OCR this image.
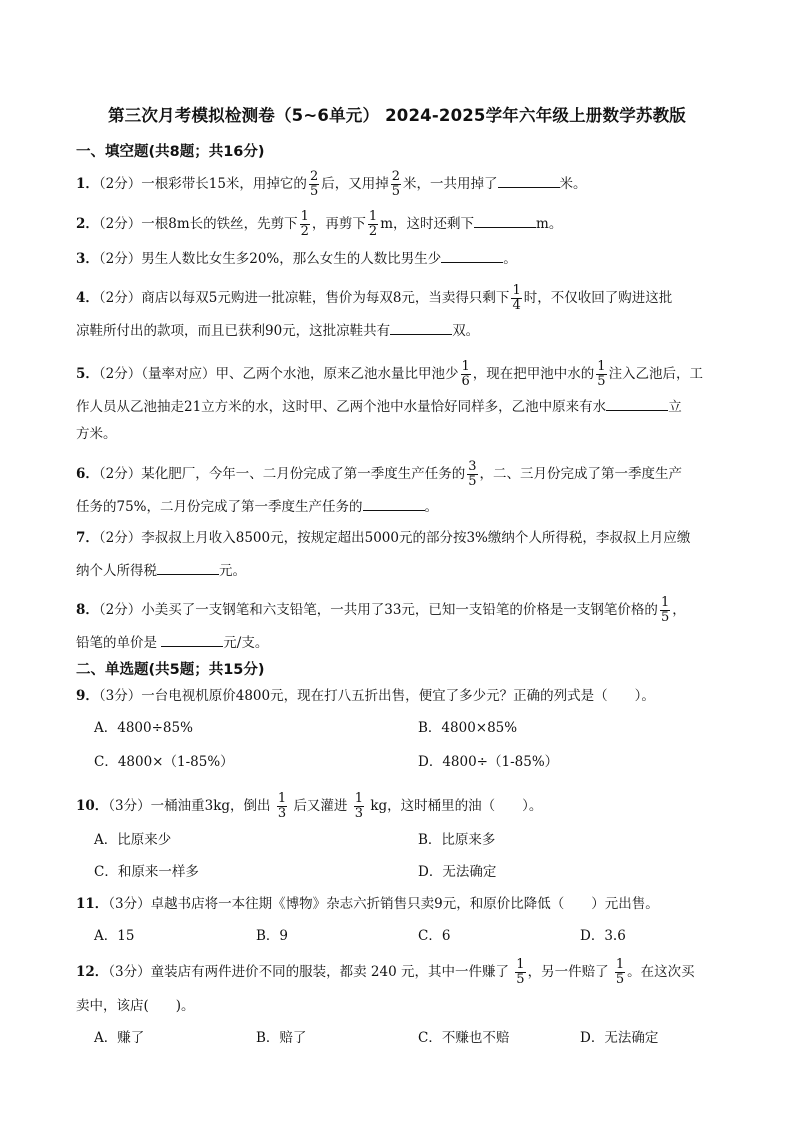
第三次月考模拟检测卷（5~6单元） 2024-2025学年六年级上册数学苏教版
一、填空题(共8题；共16分)
1．（2分）一根彩带长15米，用掉它的 $\frac{2}{5}$ 后，又用掉 $\frac{2}{5}$ 米，一共用掉了	米。
2．（2分）一根8m长的铁丝，先剪下 $\frac{1}{2}$ ，再剪下 $\frac{1}{2}$ m，这时还剩下	m。
3．（2分）男生人数比女生多20%，那么女生的人数比男生少	。
4．（2分）商店以每双5元购进一批凉鞋，售价为每双8元，当卖得只剩下 $\frac{1}{4}$ 时，不仅收回了购进这批
凉鞋所付出的款项，而且已获利90元，这批凉鞋共有	双。
5．（2分）（量率对应）甲、乙两个水池，原来乙池水量比甲池少 $\frac{1}{6}$ ，现在把甲池中水的 $\frac{1}{5}$ 注入乙池后，工
作人员从乙池抽走21立方米的水，这时甲、乙两个池中水量恰好同样多，乙池中原来有水	立
方米。
6．（2分）某化肥厂，今年一、二月份完成了第一季度生产任务的 $\frac{3}{5}$ ，二、三月份完成了第一季度生产
任务的75%，二月份完成了第一季度生产任务的	。
7．（2分）李叔叔上月收入8500元，按规定超出5000元的部分按3%缴纳个人所得税，李叔叔上月应缴
纳个人所得税	元。
8．（2分）小美买了一支钢笔和六支铅笔，一共用了33元，已知一支铅笔的价格是一支钢笔价格的 $\frac{1}{5}$ ，
铅笔的单价是	元/支。
二、单选题(共5题；共15分)
9．（3分）一台电视机原价4800元，现在打八五折出售，便宜了多少元？正确的列式是（　　）。
A．4800÷85%	B．4800×85%
C．4800×（1-85%）	D．4800÷（1-85%）
10．（3分）一桶油重3kg，倒出 $\frac{1}{3}$ 后又灌进 $\frac{1}{3}$ kg，这时桶里的油（　　）。
A．比原来少	B．比原来多
C．和原来一样多	D．无法确定
11．（3分）卓越书店将一本往期《博物》杂志六折销售只卖9元，和原价比降低（　　）元出售。
A．15	B．9	C．6	D．3.6
12．（3分）童装店有两件进价不同的服装，都卖 240 元，其中一件赚了 $\frac{1}{5}$ ，另一件赔了 $\frac{1}{5}$ 。在这次买
卖中，该店(　　)。
A．赚了	B．赔了	C．不赚也不赔	D．无法确定
